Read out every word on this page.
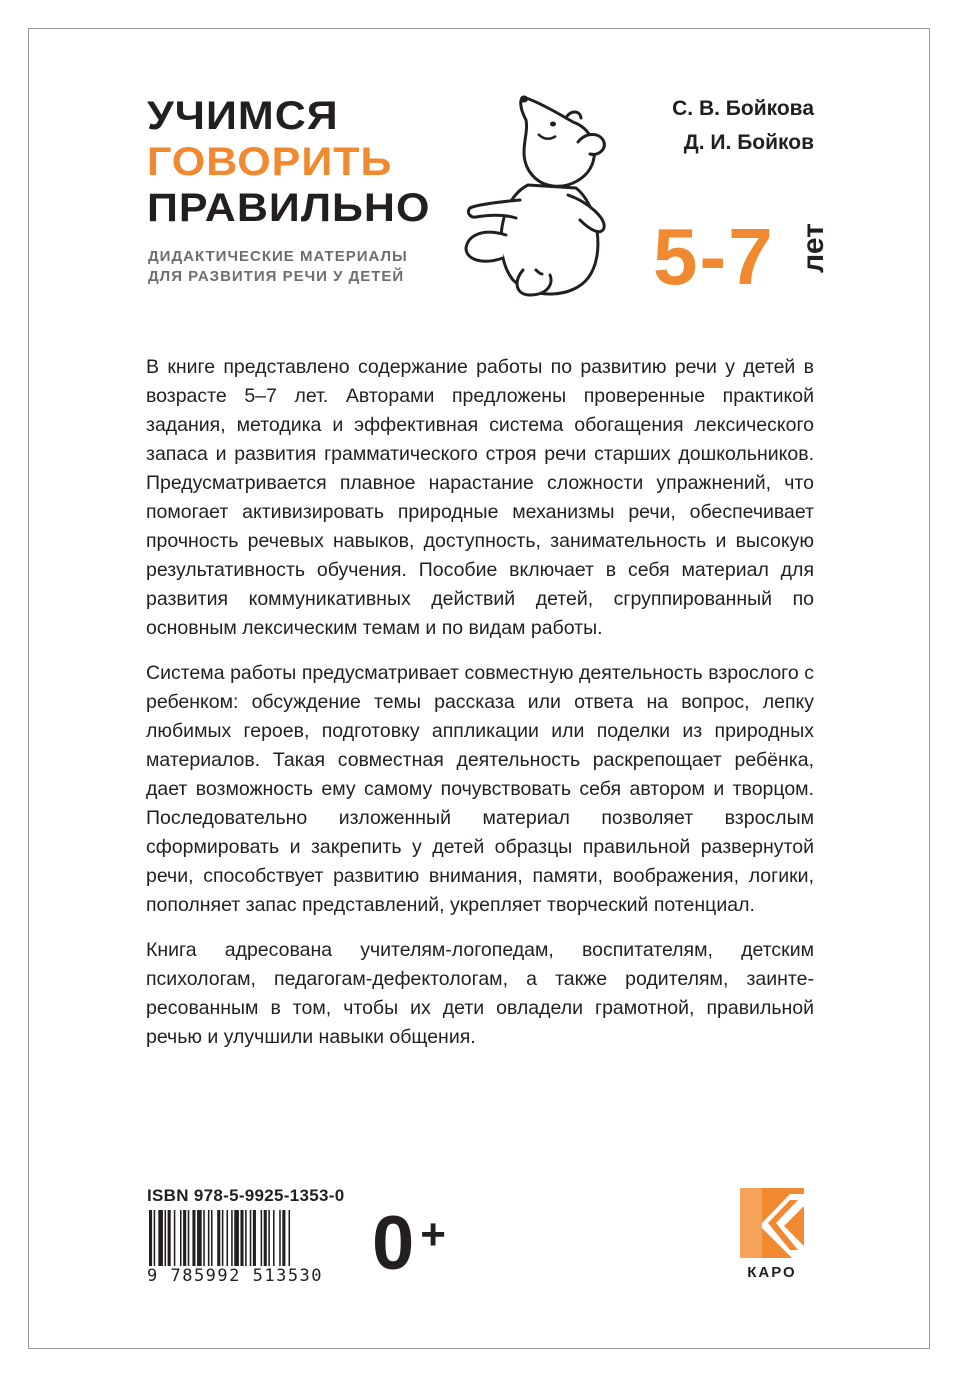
УЧИМСЯ
ГОВОРИТЬ
ПРАВИЛЬНО
ДИДАКТИЧЕСКИЕ МАТЕРИАЛЫ
ДЛЯ РАЗВИТИЯ РЕЧИ У ДЕТЕЙ
С. В. Бойкова
Д. И. Бойков
5-7 лет

В книге представлено содержание работы по развитию речи у детей в возрасте 5–7 лет. Авторами предложены проверенные практикой задания, методика и эффективная система обогащения лексического запаса и развития грамматического строя речи старших дошкольников. Предусматривается плавное нарастание сложности упражнений, что помогает активизировать природные механизмы речи, обеспечивает прочность речевых навыков, доступность, занимательность и высокую результативность обучения. Пособие включает в себя материал для развития коммуникативных действий детей, сгруппированный по основным лексическим темам и по видам работы.

Система работы предусматривает совместную деятельность взрослого с ребенком: обсуждение темы рассказа или ответа на вопрос, лепку любимых героев, подготовку аппликации или поделки из природных материалов. Такая совместная деятельность раскрепощает ребёнка, дает возможность ему самому почувствовать себя автором и творцом. Последовательно изложенный материал позволяет взрослым сформировать и закрепить у детей образцы правильной развернутой речи, способствует развитию внимания, памяти, воображения, логики, пополняет запас представлений, укрепляет творческий потенциал.

Книга адресована учителям-логопедам, воспитателям, детским психологам, педагогам-дефектологам, а также родителям, заинтересованным в том, чтобы их дети овладели грамотной, правильной речью и улучшили навыки общения.

ISBN 978-5-9925-1353-0
9 785992 513530 0 +
КАРО
